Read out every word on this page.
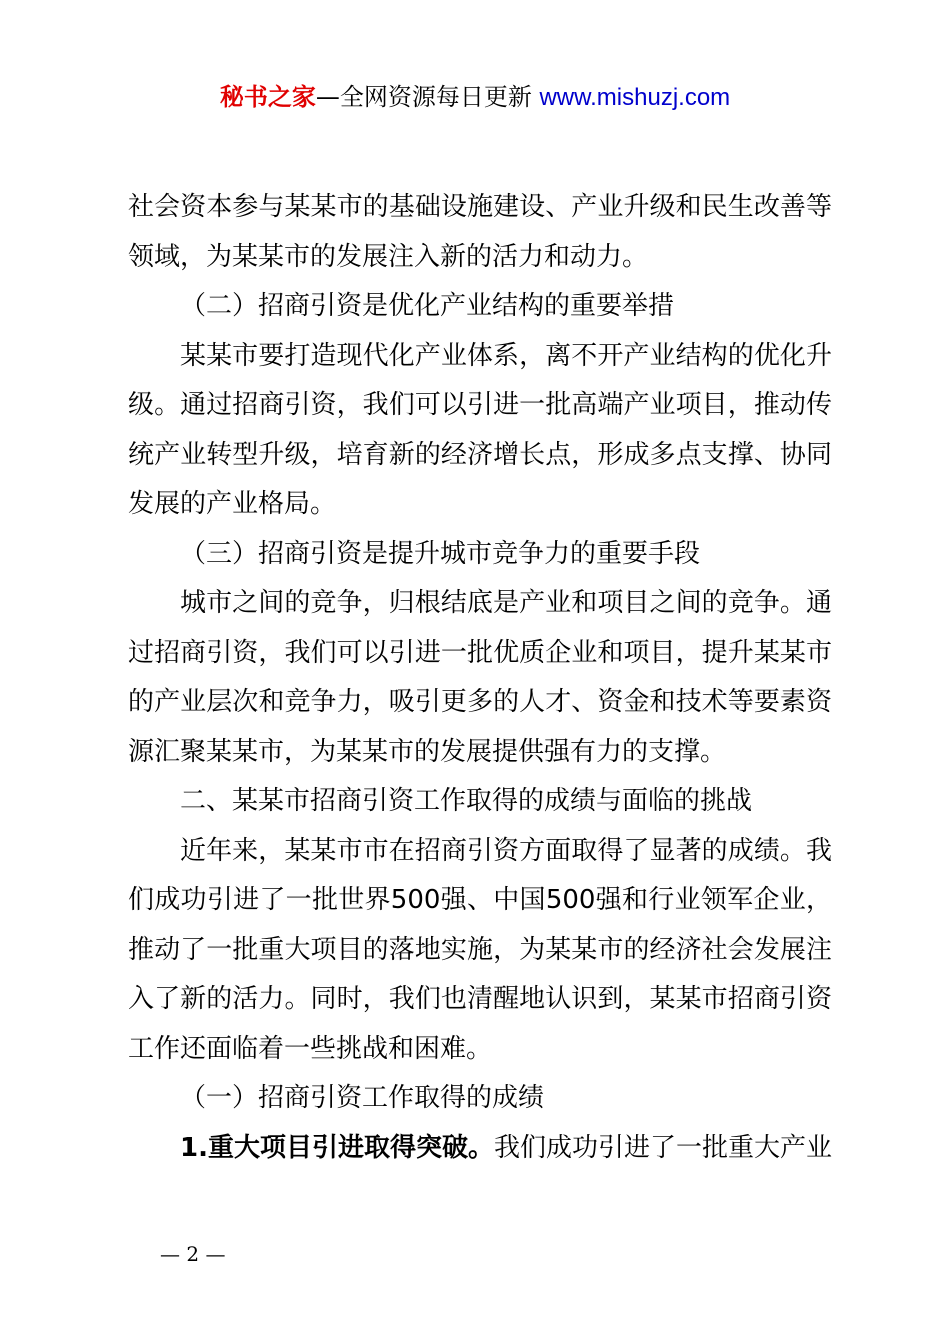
秘书之家—全网资源每日更新 www.mishuzj.com

社会资本参与某某市的基础设施建设、产业升级和民生改善等领域，为某某市的发展注入新的活力和动力。

（二）招商引资是优化产业结构的重要举措

某某市要打造现代化产业体系，离不开产业结构的优化升级。通过招商引资，我们可以引进一批高端产业项目，推动传统产业转型升级，培育新的经济增长点，形成多点支撑、协同发展的产业格局。

（三）招商引资是提升城市竞争力的重要手段

城市之间的竞争，归根结底是产业和项目之间的竞争。通过招商引资，我们可以引进一批优质企业和项目，提升某某市的产业层次和竞争力，吸引更多的人才、资金和技术等要素资源汇聚某某市，为某某市的发展提供强有力的支撑。

二、某某市招商引资工作取得的成绩与面临的挑战

近年来，某某市市在招商引资方面取得了显著的成绩。我们成功引进了一批世界500强、中国500强和行业领军企业，推动了一批重大项目的落地实施，为某某市的经济社会发展注入了新的活力。同时，我们也清醒地认识到，某某市招商引资工作还面临着一些挑战和困难。

（一）招商引资工作取得的成绩

1.重大项目引进取得突破。我们成功引进了一批重大产业

— 2 —
